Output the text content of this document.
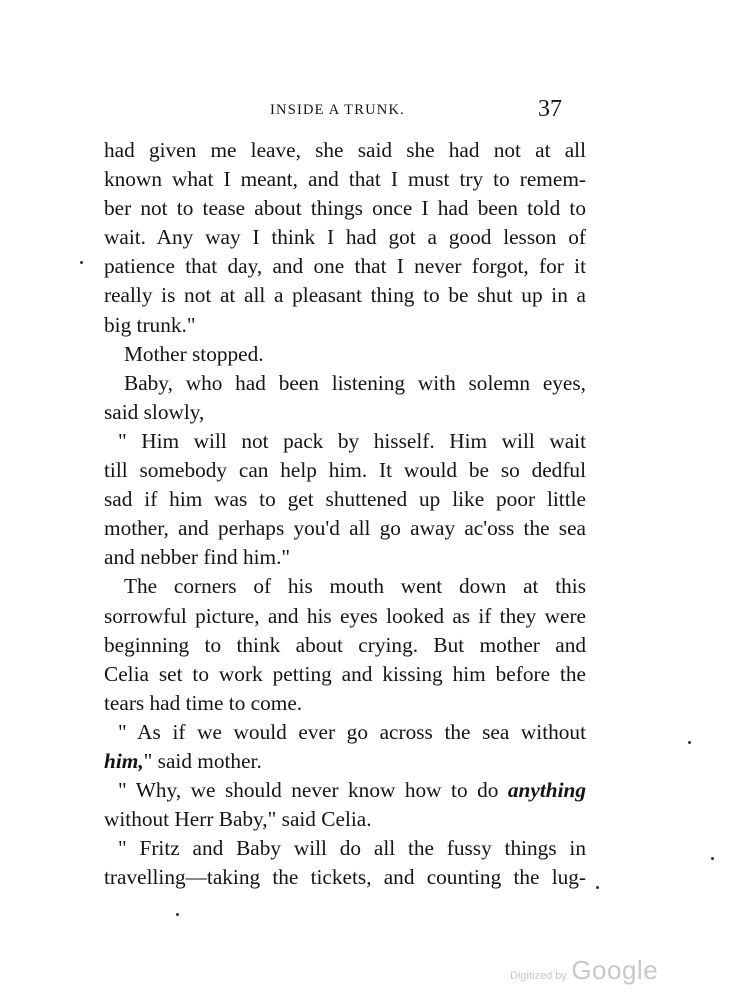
INSIDE A TRUNK.	37
had given me leave, she said she had not at all
known what I meant, and that I must try to remem-
ber not to tease about things once I had been told to
wait. Any way I think I had got a good lesson of
patience that day, and one that I never forgot, for it
really is not at all a pleasant thing to be shut up in a
big trunk."
Mother stopped.
Baby, who had been listening with solemn eyes,
said slowly,
" Him will not pack by hisself. Him will wait
till somebody can help him. It would be so dedful
sad if him was to get shuttened up like poor little
mother, and perhaps you'd all go away ac'oss the sea
and nebber find him."
The corners of his mouth went down at this
sorrowful picture, and his eyes looked as if they were
beginning to think about crying. But mother and
Celia set to work petting and kissing him before the
tears had time to come.
" As if we would ever go across the sea without
him," said mother.
" Why, we should never know how to do anything
without Herr Baby," said Celia.
" Fritz and Baby will do all the fussy things in
travelling—taking the tickets, and counting the lug-
Digitized by Google
